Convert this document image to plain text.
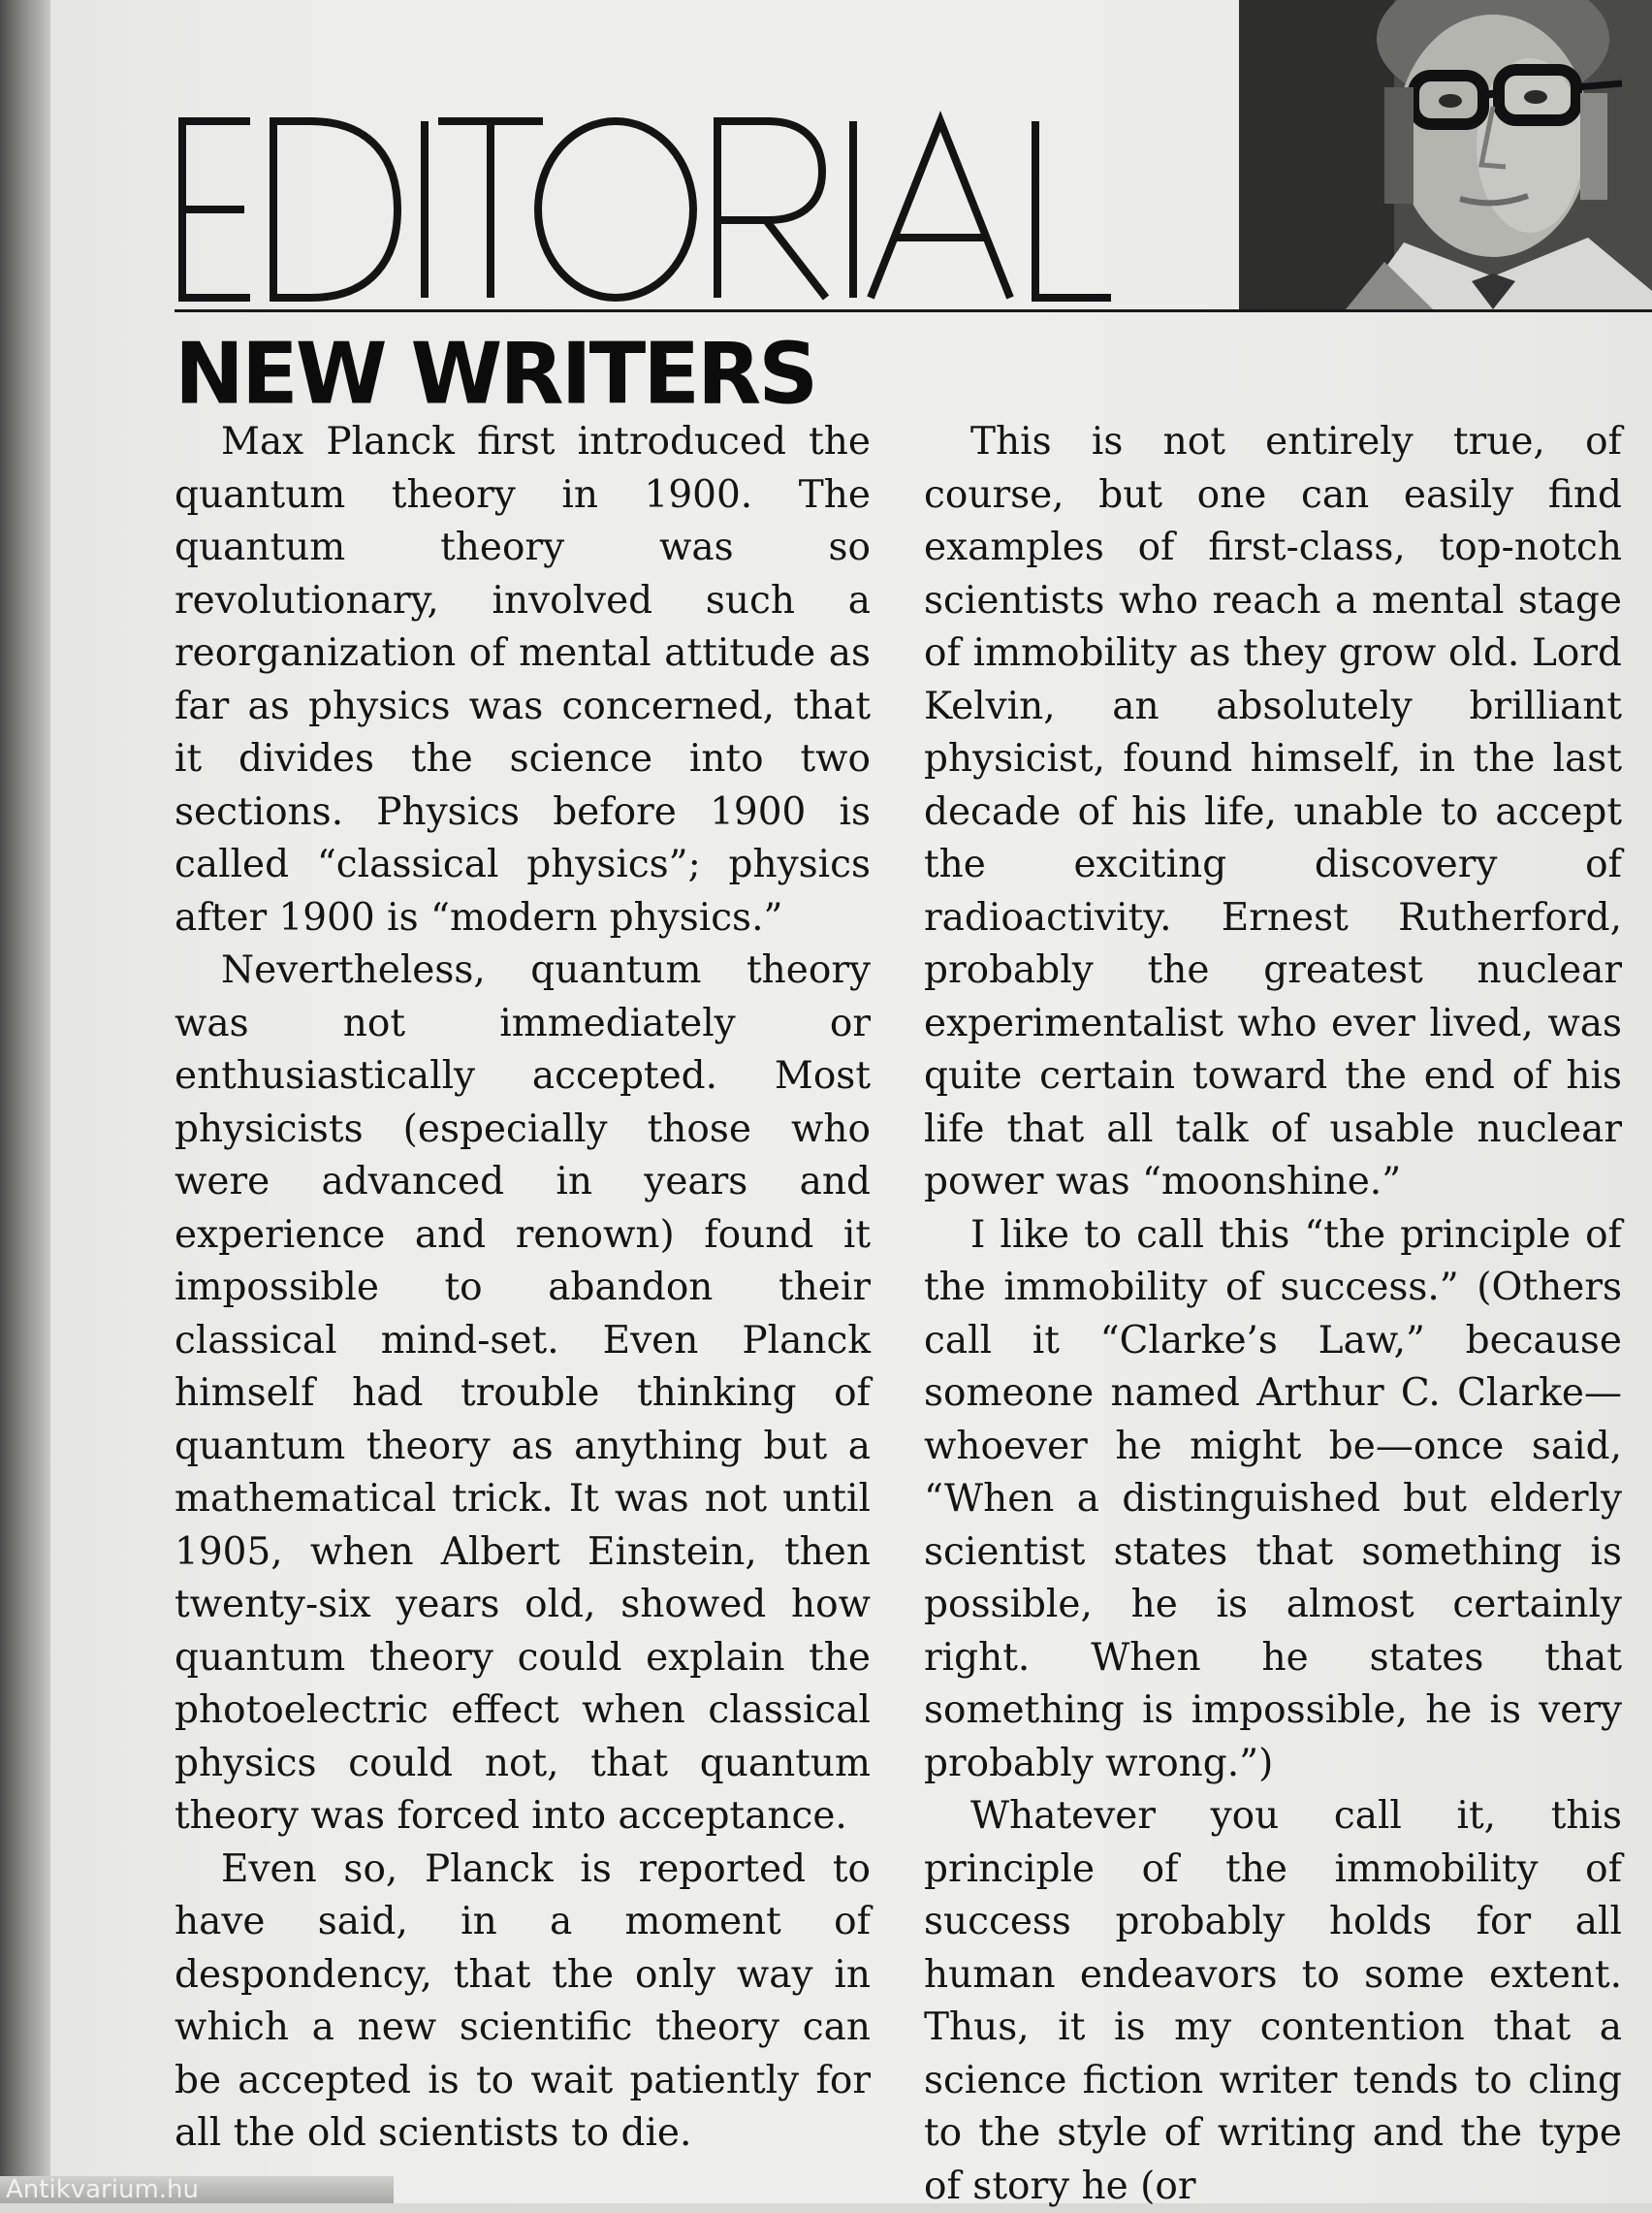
NEW WRITERS

Max Planck first introduced the quantum theory in 1900. The quantum theory was so revolutionary, involved such a reorganization of mental attitude as far as physics was concerned, that it divides the science into two sections. Physics before 1900 is called “classical physics”; physics after 1900 is “modern physics.”

Nevertheless, quantum theory was not immediately or enthusiastically accepted. Most physicists (especially those who were advanced in years and experience and renown) found it impossible to abandon their classical mind-set. Even Planck himself had trouble thinking of quantum theory as anything but a mathematical trick. It was not until 1905, when Albert Einstein, then twenty-six years old, showed how quantum theory could explain the photoelectric effect when classical physics could not, that quantum theory was forced into acceptance.

Even so, Planck is reported to have said, in a moment of despondency, that the only way in which a new scientific theory can be accepted is to wait patiently for all the old scientists to die.

This is not entirely true, of course, but one can easily find examples of first-class, top-notch scientists who reach a mental stage of immobility as they grow old. Lord Kelvin, an absolutely brilliant physicist, found himself, in the last decade of his life, unable to accept the exciting discovery of radioactivity. Ernest Rutherford, probably the greatest nuclear experimentalist who ever lived, was quite certain toward the end of his life that all talk of usable nuclear power was “moonshine.”

I like to call this “the principle of the immobility of success.” (Others call it “Clarke’s Law,” because someone named Arthur C. Clarke—whoever he might be—once said, “When a distinguished but elderly scientist states that something is possible, he is almost certainly right. When he states that something is impossible, he is very probably wrong.”)

Whatever you call it, this principle of the immobility of success probably holds for all human endeavors to some extent. Thus, it is my contention that a science fiction writer tends to cling to the style of writing and the type of story he (or

Antikvarium.hu
